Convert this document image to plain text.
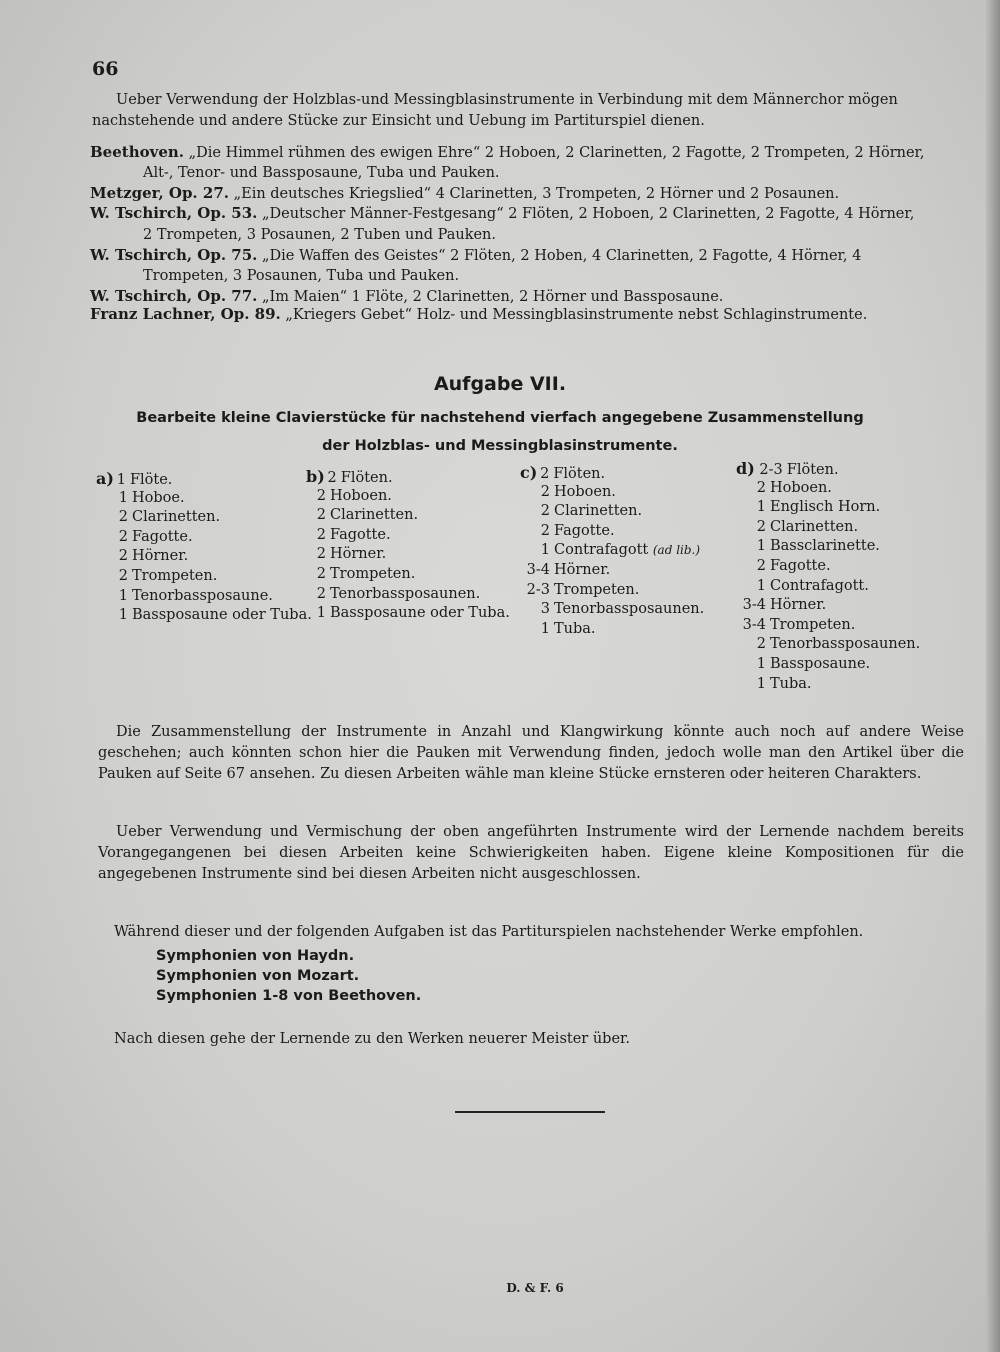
66
Ueber Verwendung der Holzblas-und Messingblasinstrumente in Verbindung mit dem Männerchor mögen
nachstehende und andere Stücke zur Einsicht und Uebung im Partiturspiel dienen.
Beethoven. „Die Himmel rühmen des ewigen Ehre“ 2 Hoboen, 2 Clarinetten, 2 Fagotte, 2 Trompeten, 2 Hörner,
Alt-, Tenor- und Bassposaune, Tuba und Pauken.
Metzger, Op. 27. „Ein deutsches Kriegslied“ 4 Clarinetten, 3 Trompeten, 2 Hörner und 2 Posaunen.
W. Tschirch, Op. 53. „Deutscher Männer-Festgesang“ 2 Flöten, 2 Hoboen, 2 Clarinetten, 2 Fagotte, 4 Hörner,
2 Trompeten, 3 Posaunen, 2 Tuben und Pauken.
W. Tschirch, Op. 75. „Die Waffen des Geistes“ 2 Flöten, 2 Hoben, 4 Clarinetten, 2 Fagotte, 4 Hörner, 4
Trompeten, 3 Posaunen, Tuba und Pauken.
W. Tschirch, Op. 77. „Im Maien“ 1 Flöte, 2 Clarinetten, 2 Hörner und Bassposaune.
Franz Lachner, Op. 89. „Kriegers Gebet“ Holz- und Messingblasinstrumente nebst Schlaginstrumente.
Aufgabe VII.
Bearbeite kleine Clavierstücke für nachstehend vierfach angegebene Zusammenstellung
der Holzblas- und Messingblasinstrumente.
a) 1 Flöte.
1 Hoboe.
2 Clarinetten.
2 Fagotte.
2 Hörner.
2 Trompeten.
1 Tenorbassposaune.
1 Bassposaune oder Tuba.
b) 2 Flöten.
2 Hoboen.
2 Clarinetten.
2 Fagotte.
2 Hörner.
2 Trompeten.
2 Tenorbassposaunen.
1 Bassposaune oder Tuba.
c) 2 Flöten.
2 Hoboen.
2 Clarinetten.
2 Fagotte.
1 Contrafagott (ad lib.)
3-4 Hörner.
2-3 Trompeten.
3 Tenorbassposaunen.
1 Tuba.
d) 2-3 Flöten.
2 Hoboen.
1 Englisch Horn.
2 Clarinetten.
1 Bassclarinette.
2 Fagotte.
1 Contrafagott.
3-4 Hörner.
3-4 Trompeten.
2 Tenorbassposaunen.
1 Bassposaune.
1 Tuba.
Die Zusammenstellung der Instrumente in Anzahl und Klangwirkung könnte auch noch auf andere Weise geschehen; auch könnten schon hier die Pauken mit Verwendung finden, jedoch wolle man den Artikel über die Pauken auf Seite 67 ansehen. Zu diesen Arbeiten wähle man kleine Stücke ernsteren oder heiteren Charakters.
Ueber Verwendung und Vermischung der oben angeführten Instrumente wird der Lernende nachdem bereits Vorangegangenen bei diesen Arbeiten keine Schwierigkeiten haben. Eigene kleine Kompositionen für die angegebenen Instrumente sind bei diesen Arbeiten nicht ausgeschlossen.
Während dieser und der folgenden Aufgaben ist das Partiturspielen nachstehender Werke empfohlen.
Symphonien von Haydn.
Symphonien von Mozart.
Symphonien 1-8 von Beethoven.
Nach diesen gehe der Lernende zu den Werken neuerer Meister über.
D. & F. 6
